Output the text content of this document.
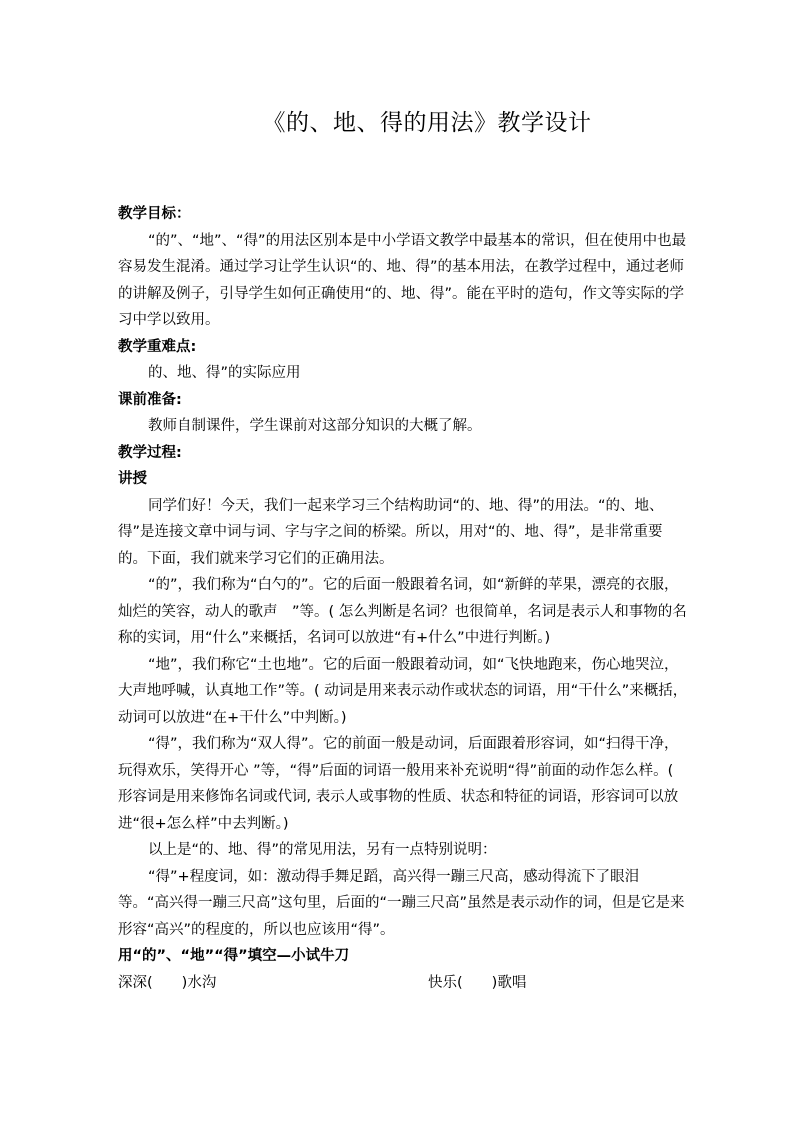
《的、地、得的用法》教学设计

教学目标：

“的”、“地”、“得”的用法区别本是中小学语文教学中最基本的常识，但在使用中也最容易发生混淆。通过学习让学生认识“的、地、得”的基本用法，在教学过程中，通过老师的讲解及例子，引导学生如何正确使用“的、地、得”。能在平时的造句，作文等实际的学习中学以致用。

教学重难点:

的、地、得”的实际应用

课前准备:

教师自制课件，学生课前对这部分知识的大概了解。

教学过程:

讲授

同学们好！今天，我们一起来学习三个结构助词“的、地、得”的用法。“的、地、得”是连接文章中词与词、字与字之间的桥梁。所以，用对“的、地、得”，是非常重要的。下面，我们就来学习它们的正确用法。

“的”，我们称为“白勺的”。它的后面一般跟着名词，如“新鲜的苹果，漂亮的衣服，灿烂的笑容，动人的歌声　”等。( 怎么判断是名词？也很简单，名词是表示人和事物的名称的实词，用“什么”来概括，名词可以放进“有+什么”中进行判断。)

“地”，我们称它“土也地”。它的后面一般跟着动词，如“飞快地跑来，伤心地哭泣，大声地呼喊，认真地工作”等。( 动词是用来表示动作或状态的词语，用“干什么”来概括，动词可以放进“在+干什么”中判断。)

“得”，我们称为“双人得”。它的前面一般是动词，后面跟着形容词，如“扫得干净，玩得欢乐，笑得开心 ”等，“得”后面的词语一般用来补充说明“得”前面的动作怎么样。( 形容词是用来修饰名词或代词, 表示人或事物的性质、状态和特征的词语，形容词可以放进“很+怎么样”中去判断。)

以上是“的、地、得”的常见用法，另有一点特别说明：

“得”+程度词，如：激动得手舞足蹈，高兴得一蹦三尺高，感动得流下了眼泪 等。“高兴得一蹦三尺高”这句里，后面的“一蹦三尺高”虽然是表示动作的词，但是它是来形容“高兴”的程度的，所以也应该用“得”。

用“的”、“地”“得”填空—小试牛刀

深深(　　)水沟	快乐(　　)歌唱
